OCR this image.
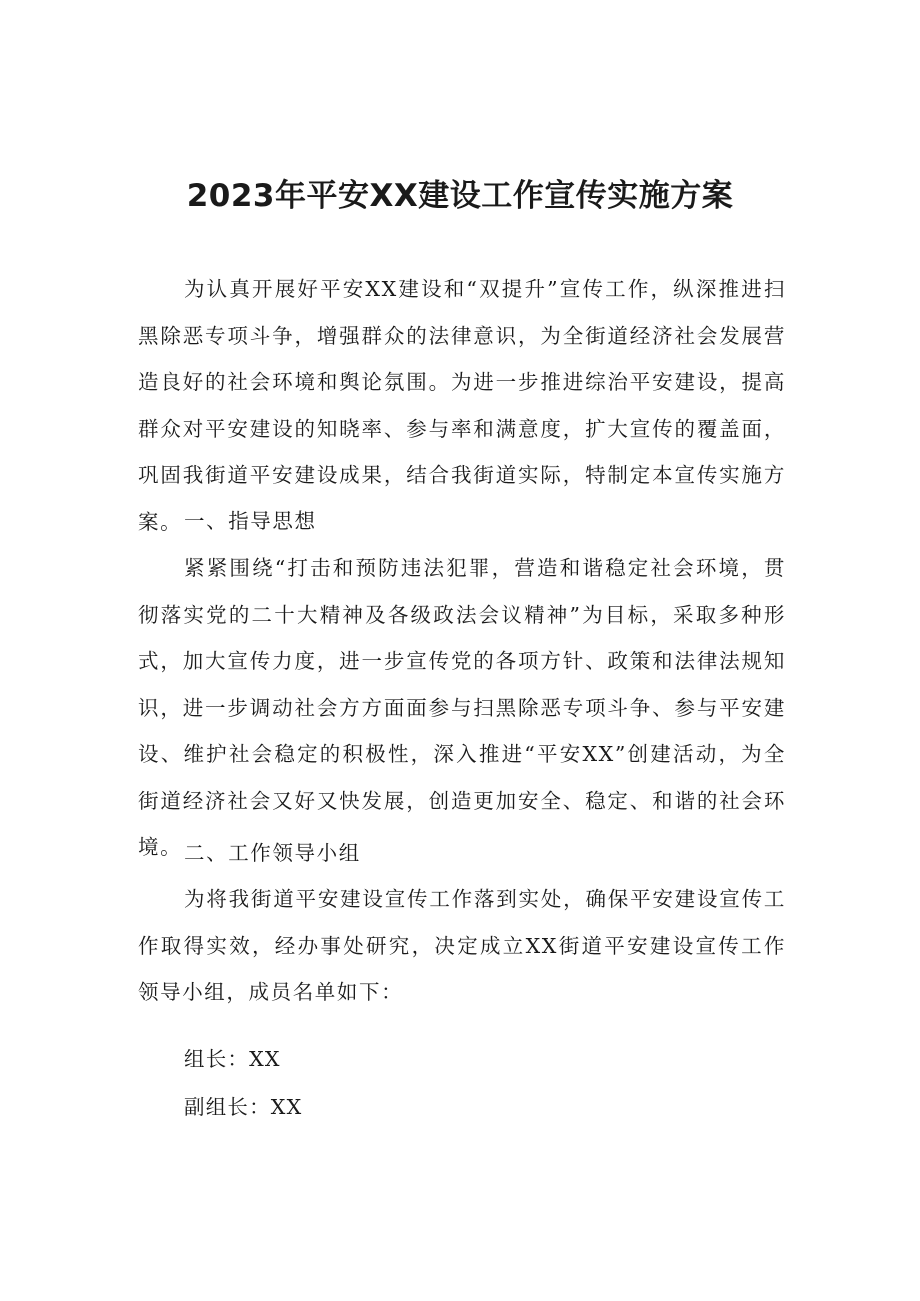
2023年平安XX建设工作宣传实施方案

为认真开展好平安XX建设和“双提升”宣传工作，纵深推进扫黑除恶专项斗争，增强群众的法律意识，为全街道经济社会发展营造良好的社会环境和舆论氛围。为进一步推进综治平安建设，提高群众对平安建设的知晓率、参与率和满意度，扩大宣传的覆盖面，巩固我街道平安建设成果，结合我街道实际，特制定本宣传实施方案。 一、指导思想

紧紧围绕“打击和预防违法犯罪，营造和谐稳定社会环境，贯彻落实党的二十大精神及各级政法会议精神”为目标，采取多种形式，加大宣传力度，进一步宣传党的各项方针、政策和法律法规知识，进一步调动社会方方面面参与扫黑除恶专项斗争、参与平安建设、维护社会稳定的积极性，深入推进“平安XX”创建活动，为全街道经济社会又好又快发展，创造更加安全、稳定、和谐的社会环境。 二、工作领导小组

为将我街道平安建设宣传工作落到实处，确保平安建设宣传工作取得实效，经办事处研究，决定成立XX街道平安建设宣传工作领导小组，成员名单如下：

组长：XX

副组长：XX
